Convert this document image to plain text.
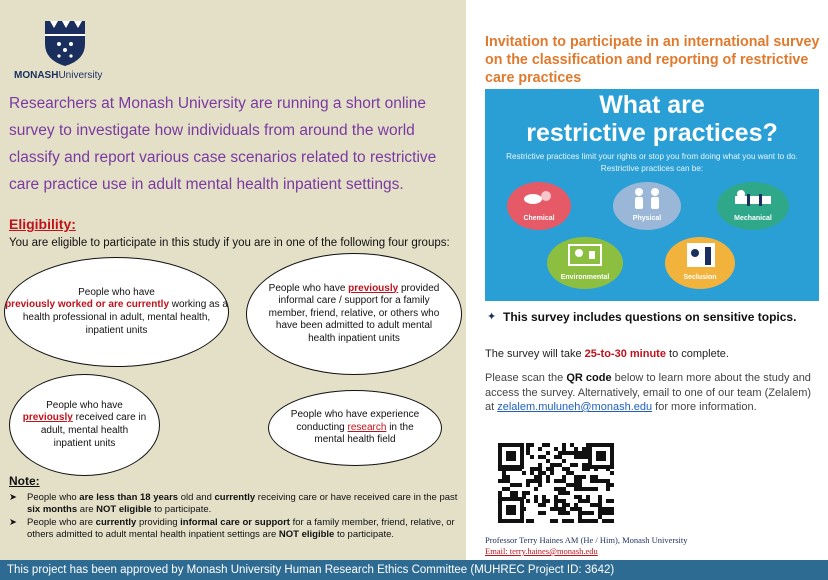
MONASHUniversity
Researchers at Monash University are running a short online survey to investigate how individuals from around the world classify and report various case scenarios related to restrictive care practice use in adult mental health inpatient settings.
Eligibility:
You are eligible to participate in this study if you are in one of the following four groups:
People who have
previously worked or are currently working as a health professional in adult, mental health, inpatient units
People who have previously provided informal care / support for a family member, friend, relative, or others who have been admitted to adult mental health inpatient units
People who have
previously received care in adult, mental health inpatient units
People who have experience conducting research in the mental health field
Note:
➤ People who are less than 18 years old and currently receiving care or have received care in the past six months are NOT eligible to participate.
➤ People who are currently providing informal care or support for a family member, friend, relative, or others admitted to adult mental health inpatient settings are NOT eligible to participate.
Invitation to participate in an international survey on the classification and reporting of restrictive care practices
What are
restrictive practices?
Restrictive practices limit your rights or stop you from doing what you want to do. Restrictive practices can be:
Chemical	Physical	Mechanical
Environmental	Seclusion
✦ This survey includes questions on sensitive topics.
The survey will take 25-to-30 minute to complete.
Please scan the QR code below to learn more about the study and access the survey. Alternatively, email to one of our team (Zelalem) at zelalem.muluneh@monash.edu for more information.
Professor Terry Haines AM (He / Him), Monash University
Email: terry.haines@monash.edu
This project has been approved by Monash University Human Research Ethics Committee (MUHREC Project ID: 3642)
